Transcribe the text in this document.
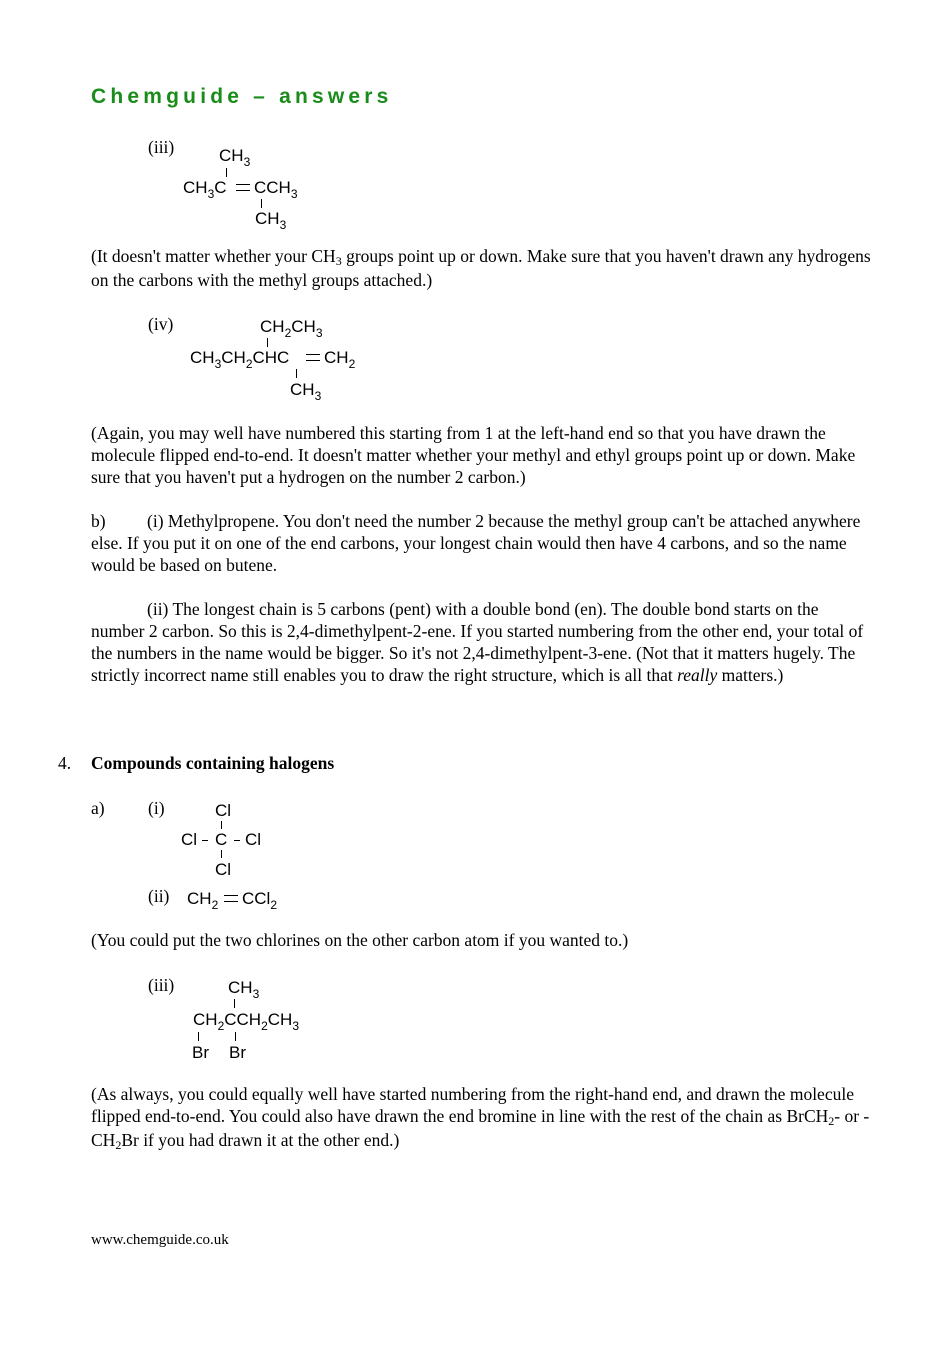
Chemguide – answers
(iii)	$CH_3$
$CH_3C$ $CCH_3$
$CH_3$
(It doesn't matter whether your CH3 groups point up or down. Make sure that you haven't drawn any hydrogens on the carbons with the methyl groups attached.)
(iv)	$CH_2CH_3$
$CH_3CH_2CHC$ $CH_2$
$CH_3$
(Again, you may well have numbered this starting from 1 at the left-hand end so that you have drawn the molecule flipped end-to-end. It doesn't matter whether your methyl and ethyl groups point up or down. Make sure that you haven't put a hydrogen on the number 2 carbon.)
b)	(i) Methylpropene. You don't need the number 2 because the methyl group can't be attached anywhere else. If you put it on one of the end carbons, your longest chain would then have 4 carbons, and so the name would be based on butene.
(ii) The longest chain is 5 carbons (pent) with a double bond (en). The double bond starts on the number 2 carbon. So this is 2,4-dimethylpent-2-ene. If you started numbering from the other end, your total of the numbers in the name would be bigger. So it's not 2,4-dimethylpent-3-ene. (Not that it matters hugely. The strictly incorrect name still enables you to draw the right structure, which is all that really matters.)
4. Compounds containing halogens
a) (i)	Cl
Cl C Cl
Cl
(ii) $CH_2$ CCl$_2$
(You could put the two chlorines on the other carbon atom if you wanted to.)
(iii)	$CH_3$
$CH_2CCH_2CH_3$
Br Br
(As always, you could equally well have started numbering from the right-hand end, and drawn the molecule flipped end-to-end. You could also have drawn the end bromine in line with the rest of the chain as BrCH2- or -CH2Br if you had drawn it at the other end.)
www.chemguide.co.uk
